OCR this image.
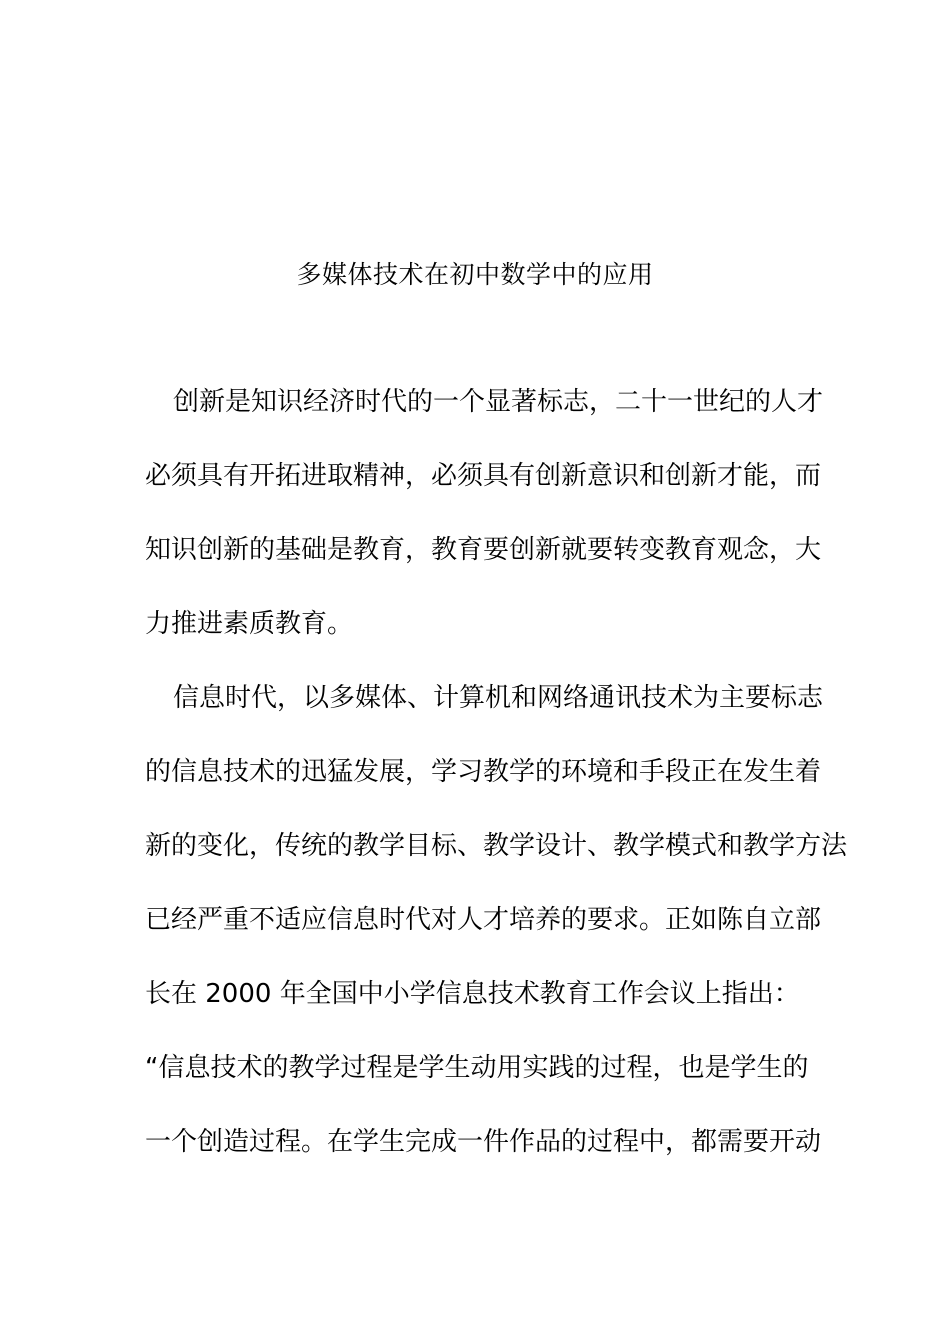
多媒体技术在初中数学中的应用
创新是知识经济时代的一个显著标志，二十一世纪的人才
必须具有开拓进取精神，必须具有创新意识和创新才能，而
知识创新的基础是教育，教育要创新就要转变教育观念，大
力推进素质教育。
信息时代，以多媒体、计算机和网络通讯技术为主要标志
的信息技术的迅猛发展，学习教学的环境和手段正在发生着
新的变化，传统的教学目标、教学设计、教学模式和教学方法
已经严重不适应信息时代对人才培养的要求。正如陈自立部
长在 2000 年全国中小学信息技术教育工作会议上指出：
“信息技术的教学过程是学生动用实践的过程，也是学生的
一个创造过程。在学生完成一件作品的过程中，都需要开动
